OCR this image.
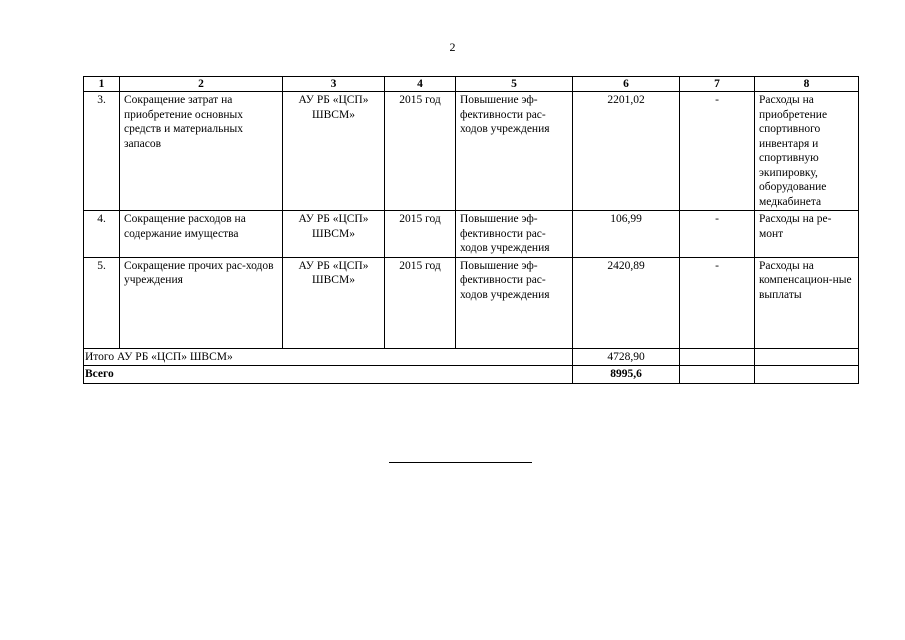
2
1	2	3	4	5	6	7	8
3.	Сокращение затрат на приобретение основных средств и материальных запасов	АУ РБ «ЦСП» ШВСМ»	2015 год	Повышение эф-фективности рас-ходов учреждения	2201,02	-	Расходы на приобретение спортивного инвентаря и спортивную экипировку, оборудование медкабинета
4.	Сокращение расходов на содержание имущества	АУ РБ «ЦСП» ШВСМ»	2015 год	Повышение эф-фективности рас-ходов учреждения	106,99	-	Расходы на ре-монт
5.	Сокращение прочих рас-ходов учреждения	АУ РБ «ЦСП» ШВСМ»	2015 год	Повышение эф-фективности рас-ходов учреждения	2420,89	-	Расходы на компенсацион-ные выплаты
Итого АУ РБ «ЦСП» ШВСМ»					4728,90		
Всего					8995,6		
